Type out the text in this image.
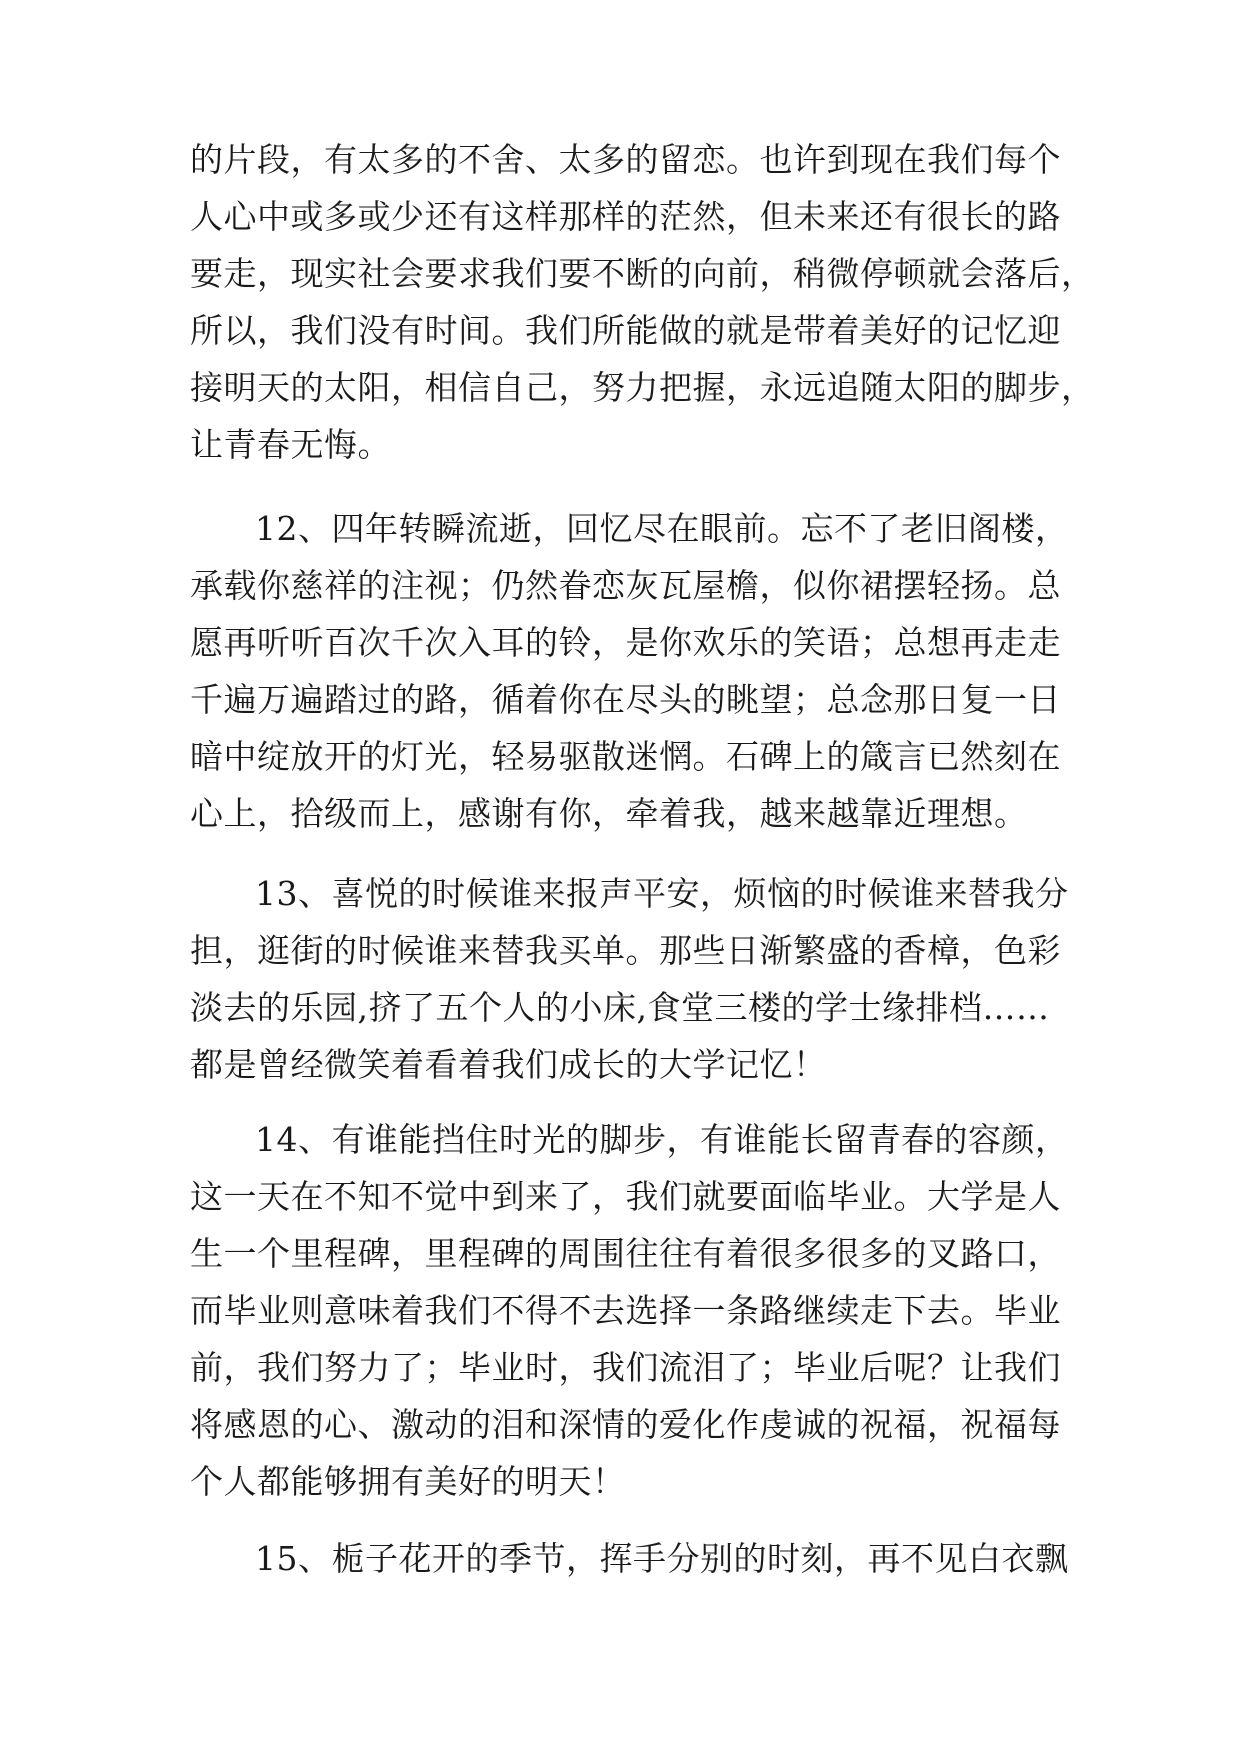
的片段，有太多的不舍、太多的留恋。也许到现在我们每个
人心中或多或少还有这样那样的茫然，但未来还有很长的路
要走，现实社会要求我们要不断的向前，稍微停顿就会落后，
所以，我们没有时间。我们所能做的就是带着美好的记忆迎
接明天的太阳，相信自己，努力把握，永远追随太阳的脚步，
让青春无悔。
12、四年转瞬流逝，回忆尽在眼前。忘不了老旧阁楼，
承载你慈祥的注视；仍然眷恋灰瓦屋檐，似你裙摆轻扬。总
愿再听听百次千次入耳的铃，是你欢乐的笑语；总想再走走
千遍万遍踏过的路，循着你在尽头的眺望；总念那日复一日
暗中绽放开的灯光，轻易驱散迷惘。石碑上的箴言已然刻在
心上，拾级而上，感谢有你，牵着我，越来越靠近理想。
13、喜悦的时候谁来报声平安，烦恼的时候谁来替我分
担，逛街的时候谁来替我买单。那些日渐繁盛的香樟，色彩
淡去的乐园,挤了五个人的小床,食堂三楼的学士缘排档……
都是曾经微笑着看着我们成长的大学记忆！
14、有谁能挡住时光的脚步，有谁能长留青春的容颜，
这一天在不知不觉中到来了，我们就要面临毕业。大学是人
生一个里程碑，里程碑的周围往往有着很多很多的叉路口，
而毕业则意味着我们不得不去选择一条路继续走下去。毕业
前，我们努力了；毕业时，我们流泪了；毕业后呢？让我们
将感恩的心、激动的泪和深情的爱化作虔诚的祝福，祝福每
个人都能够拥有美好的明天！
15、栀子花开的季节，挥手分别的时刻，再不见白衣飘
